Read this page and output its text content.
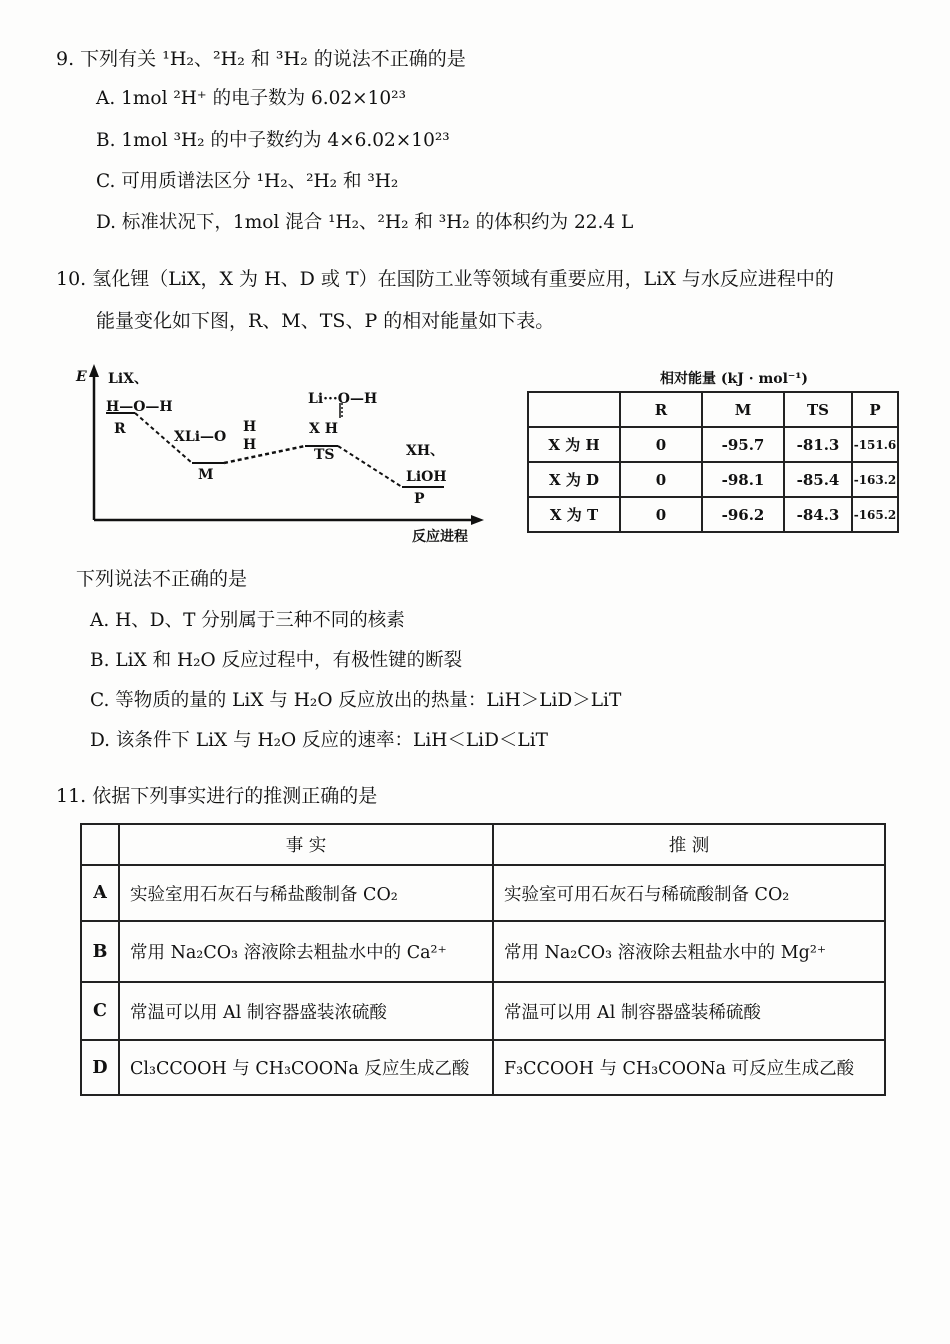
9. 下列有关 ¹H₂、²H₂ 和 ³H₂ 的说法不正确的是
A. 1mol ²H⁺ 的电子数为 6.02×10²³
B. 1mol ³H₂ 的中子数约为 4×6.02×10²³
C. 可用质谱法区分 ¹H₂、²H₂ 和 ³H₂
D. 标准状况下，1mol 混合 ¹H₂、²H₂ 和 ³H₂ 的体积约为 22.4 L
10. 氢化锂（LiX，X 为 H、D 或 T）在国防工业等领域有重要应用，LiX 与水反应进程中的
能量变化如下图，R、M、TS、P 的相对能量如下表。
E LiX、
H—O—H
R	XLi—O
H
H
M
Li···O—H
X H
TS	XH、
LiOH
P
反应进程
相对能量 (kJ · mol⁻¹)
	R	M	TS	P
X 为 H	0	-95.7	-81.3	-151.6
X 为 D	0	-98.1	-85.4	-163.2
X 为 T	0	-96.2	-84.3	-165.2
下列说法不正确的是
A. H、D、T 分别属于三种不同的核素
B. LiX 和 H₂O 反应过程中，有极性键的断裂
C. 等物质的量的 LiX 与 H₂O 反应放出的热量：LiH＞LiD＞LiT
D. 该条件下 LiX 与 H₂O 反应的速率：LiH＜LiD＜LiT
11. 依据下列事实进行的推测正确的是
	事 实	推 测
A	实验室用石灰石与稀盐酸制备 CO₂	实验室可用石灰石与稀硫酸制备 CO₂
B	常用 Na₂CO₃ 溶液除去粗盐水中的 Ca²⁺	常用 Na₂CO₃ 溶液除去粗盐水中的 Mg²⁺
C	常温可以用 Al 制容器盛装浓硫酸	常温可以用 Al 制容器盛装稀硫酸
D	Cl₃CCOOH 与 CH₃COONa 反应生成乙酸	F₃CCOOH 与 CH₃COONa 可反应生成乙酸
